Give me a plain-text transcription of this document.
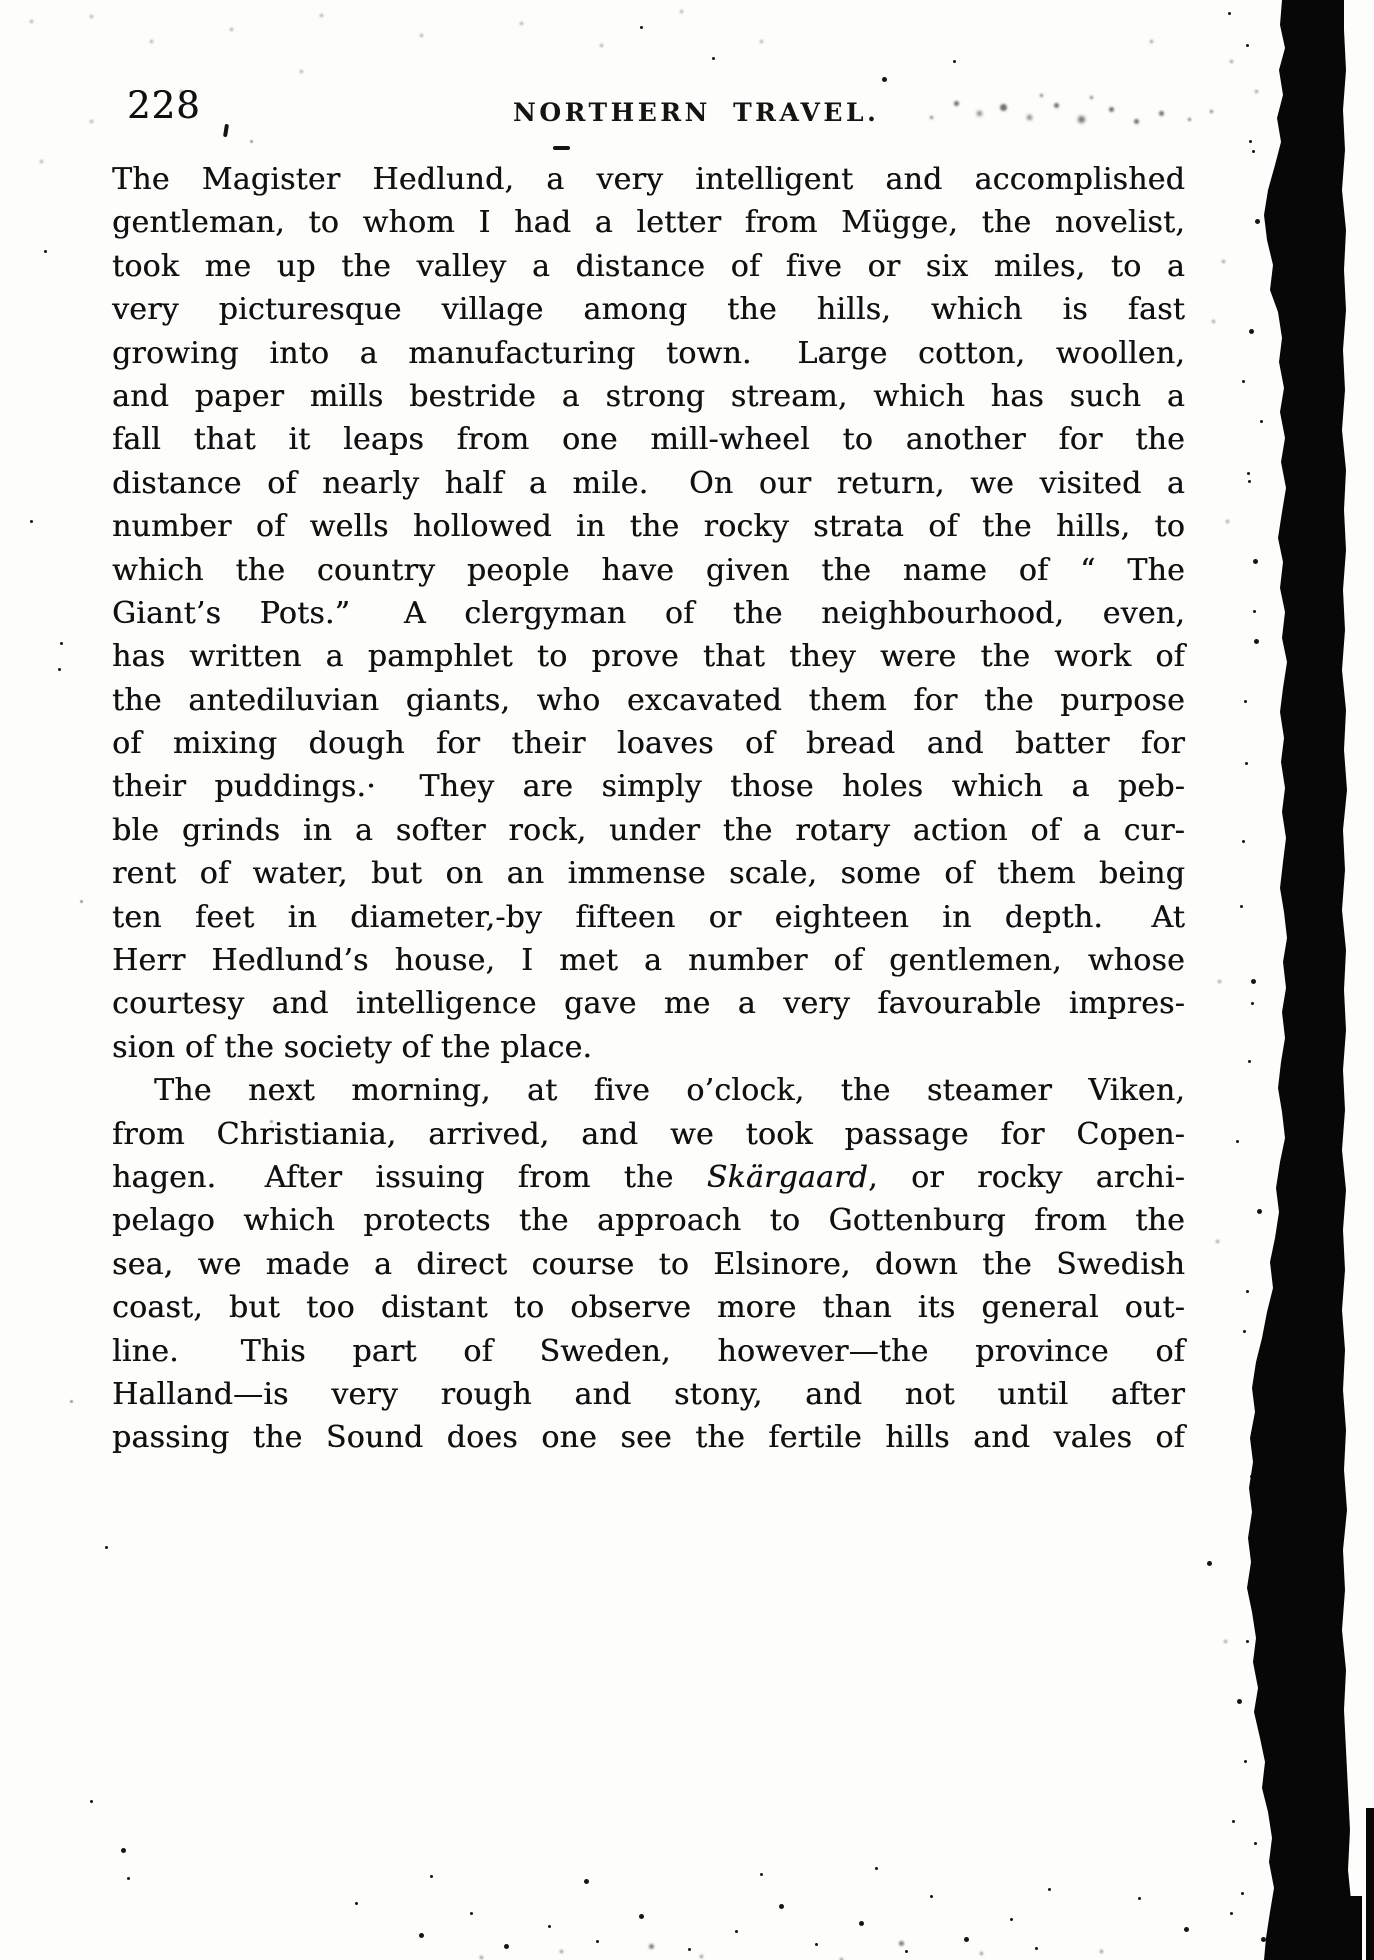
228	NORTHERN TRAVEL.
The Magister Hedlund, a very intelligent and accomplished
gentleman, to whom I had a letter from Mügge, the novelist,
took me up the valley a distance of five or six miles, to a
very picturesque village among the hills, which is fast
growing into a manufacturing town.  Large cotton, woollen,
and paper mills bestride a strong stream, which has such a
fall that it leaps from one mill-wheel to another for the
distance of nearly half a mile.  On our return, we visited a
number of wells hollowed in the rocky strata of the hills, to
which the country people have given the name of “ The
Giant’s Pots.”  A clergyman of the neighbourhood, even,
has written a pamphlet to prove that they were the work of
the antediluvian giants, who excavated them for the purpose
of mixing dough for their loaves of bread and batter for
their puddings.·  They are simply those holes which a peb-
ble grinds in a softer rock, under the rotary action of a cur-
rent of water, but on an immense scale, some of them being
ten feet in diameter,-by fifteen or eighteen in depth.  At
Herr Hedlund’s house, I met a number of gentlemen, whose
courtesy and intelligence gave me a very favourable impres-
sion of the society of the place.
The next morning, at five o’clock, the steamer Viken,
from Christiania, arrived, and we took passage for Copen-
hagen.  After issuing from the Skärgaard, or rocky archi-
pelago which protects the approach to Gottenburg from the
sea, we made a direct course to Elsinore, down the Swedish
coast, but too distant to observe more than its general out-
line.  This part of Sweden, however—the province of
Halland—is very rough and stony, and not until after
passing the Sound does one see the fertile hills and vales of
